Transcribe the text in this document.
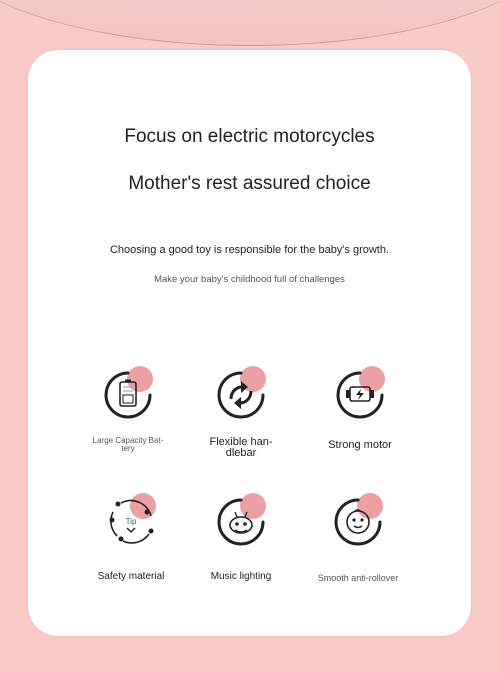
Focus on electric motorcycles

Mother's rest assured choice

Choosing a good toy is responsible for the baby's growth.
Make your baby's childhood full of challenges
Large Capacity Bat-
tery
Flexible han-
dlebar
Strong motor
Tip
Safety material	Music lighting	Smooth anti-rollover
